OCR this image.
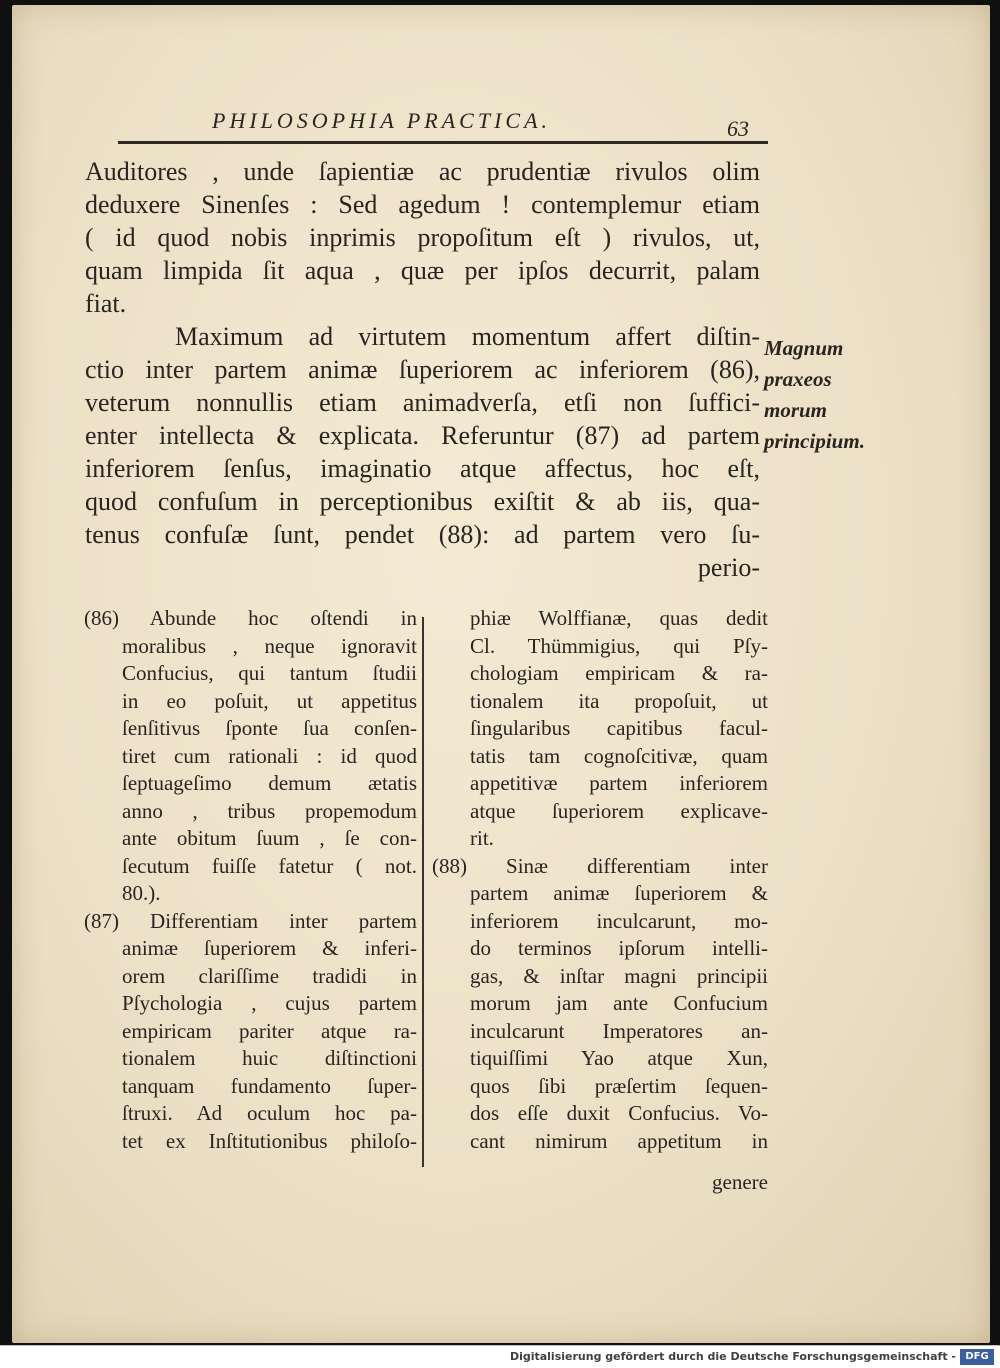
PHILOSOPHIA PRACTICA.	63
Auditores , unde ſapientiæ ac prudentiæ rivulos olim
deduxere Sinenſes : Sed agedum ! contemplemur etiam
( id quod nobis inprimis propoſitum eſt ) rivulos, ut,
quam limpida ſit aqua , quæ per ipſos decurrit, palam
fiat.
Maximum ad virtutem momentum affert diſtin-
ctio inter partem animæ ſuperiorem ac inferiorem (86),
veterum nonnullis etiam animadverſa, etſi non ſuffici-
enter intellecta & explicata. Referuntur (87) ad partem
inferiorem ſenſus, imaginatio atque affectus, hoc eſt,
quod confuſum in perceptionibus exiſtit & ab iis, qua-
tenus confuſæ ſunt, pendet (88): ad partem vero ſu-
perio-
Magnum
praxeos
morum
principium.
(86) Abunde hoc oſtendi in
moralibus , neque ignoravit
Confucius, qui tantum ſtudii
in eo poſuit, ut appetitus
ſenſitivus ſponte ſua conſen-
tiret cum rationali : id quod
ſeptuageſimo demum ætatis
anno , tribus propemodum
ante obitum ſuum , ſe con-
ſecutum fuiſſe fatetur ( not.
80.).
(87) Differentiam inter partem
animæ ſuperiorem & inferi-
orem clariſſime tradidi in
Pſychologia , cujus partem
empiricam pariter atque ra-
tionalem huic diſtinctioni
tanquam fundamento ſuper-
ſtruxi. Ad oculum hoc pa-
tet ex Inſtitutionibus philoſo-
phiæ Wolffianæ, quas dedit
Cl. Thümmigius, qui Pſy-
chologiam empiricam & ra-
tionalem ita propoſuit, ut
ſingularibus capitibus facul-
tatis tam cognoſcitivæ, quam
appetitivæ partem inferiorem
atque ſuperiorem explicave-
rit.
(88) Sinæ differentiam inter
partem animæ ſuperiorem &
inferiorem inculcarunt, mo-
do terminos ipſorum intelli-
gas, & inſtar magni principii
morum jam ante Confucium
inculcarunt Imperatores an-
tiquiſſimi Yao atque Xun,
quos ſibi præſertim ſequen-
dos eſſe duxit Confucius. Vo-
cant nimirum appetitum in
genere
Digitalisierung gefördert durch die Deutsche Forschungsgemeinschaft - DFG
